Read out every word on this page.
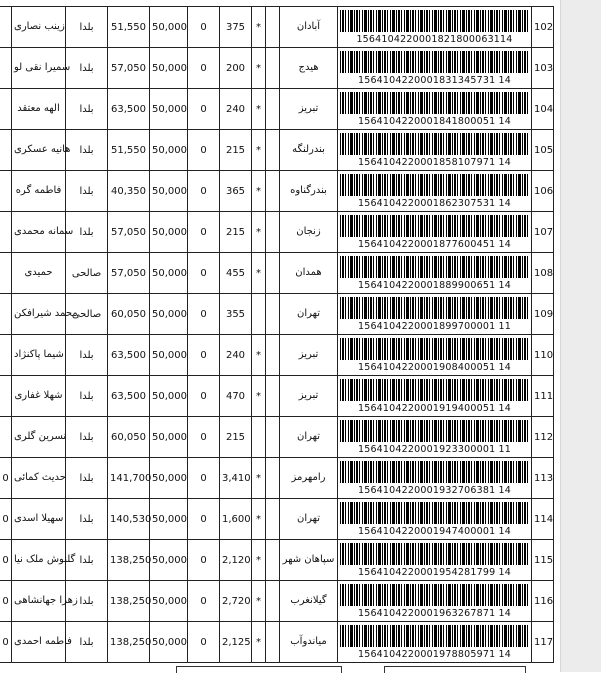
	زینب نصاری	بلدا	51,550	50,000	0	375	*		آبادان	1564104220001821800063114	102
	سمیرا نقی لو	بلدا	57,050	50,000	0	200	*		هیدج	1564104220001831345731 14	103
	الهه معتقد	بلدا	63,500	50,000	0	240	*		تبریز	1564104220001841800051 14	104
	هانیه عسکری	بلدا	51,550	50,000	0	215	*		بندرلنگه	1564104220001858107971 14	105
	فاطمه گره	بلدا	40,350	50,000	0	365	*		بندرگناوه	1564104220001862307531 14	106
	سمانه محمدی	بلدا	57,050	50,000	0	215	*		زنجان	1564104220001877600451 14	107
	حمیدی	صالحی	57,050	50,000	0	455	*		همدان	1564104220001889900651 14	108
	محمد شیرافکن	صالحی	60,050	50,000	0	355			تهران	1564104220001899700001 11	109
	شیما پاکنژاد	بلدا	63,500	50,000	0	240	*		تبریز	1564104220001908400051 14	110
	شهلا غفاری	بلدا	63,500	50,000	0	470	*		تبریز	1564104220001919400051 14	111
	نسرین گلری	بلدا	60,050	50,000	0	215			تهران	1564104220001923300001 11	112
0	حدیث کمائی	بلدا	141,700	50,000	0	3,410	*		رامهرمز	1564104220001932706381 14	113
0	سهیلا اسدی	بلدا	140,530	50,000	0	1,600	*		تهران	1564104220001947400001 14	114
0	گلنوش ملک نیا	بلدا	138,250	50,000	0	2,120	*		سپاهان شهر	1564104220001954281799 14	115
0	زهرا جهانشاهی	بلدا	138,250	50,000	0	2,720	*		گیلانغرب	1564104220001963267871 14	116
0	فاطمه احمدی	بلدا	138,250	50,000	0	2,125	*		میاندوآب	1564104220001978805971 14	117
